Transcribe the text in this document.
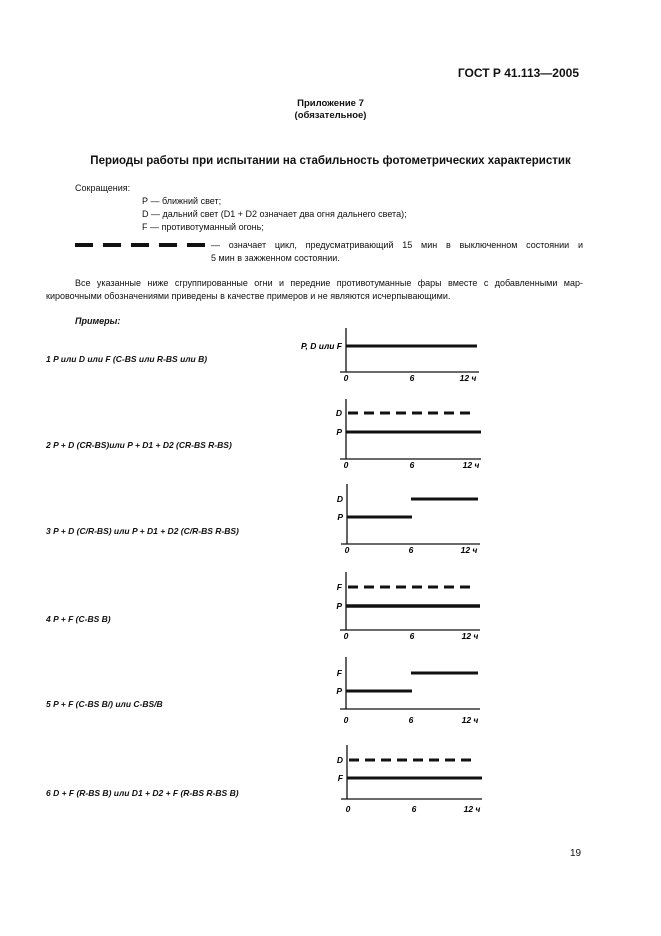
ГОСТ Р 41.113—2005
Приложение 7
(обязательное)
Периоды работы при испытании на стабильность фотометрических характеристик
Сокращения:
Р — ближний свет;
D — дальний свет (D1 + D2 означает два огня дальнего света);
F — противотуманный огонь;
— означает цикл, предусматривающий 15 мин в выключенном состоянии и
5 мин в зажженном состоянии.
Все указанные ниже сгруппированные огни и передние противотуманные фары вместе с добавленными мар-
кировочными обозначениями приведены в качестве примеров и не являются исчерпывающими.
Примеры:
1 P или D или F (C-BS или R-BS или B)
2 P + D (CR-BS)или P + D1 + D2 (CR-BS R-BS)
3 P + D (C/R-BS) или P + D1 + D2 (C/R-BS R-BS)
4 P + F (C-BS B)
5 P + F (C-BS B/) или C-BS/B
6 D + F (R-BS B) или D1 + D2 + F (R-BS R-BS B)
P, D или F
0	6	12 ч
D
P
0	6	12 ч
D
P
0	6	12 ч
F
P
0	6	12 ч
F
P
0	6	12 ч
D
F
0	6	12 ч
19
